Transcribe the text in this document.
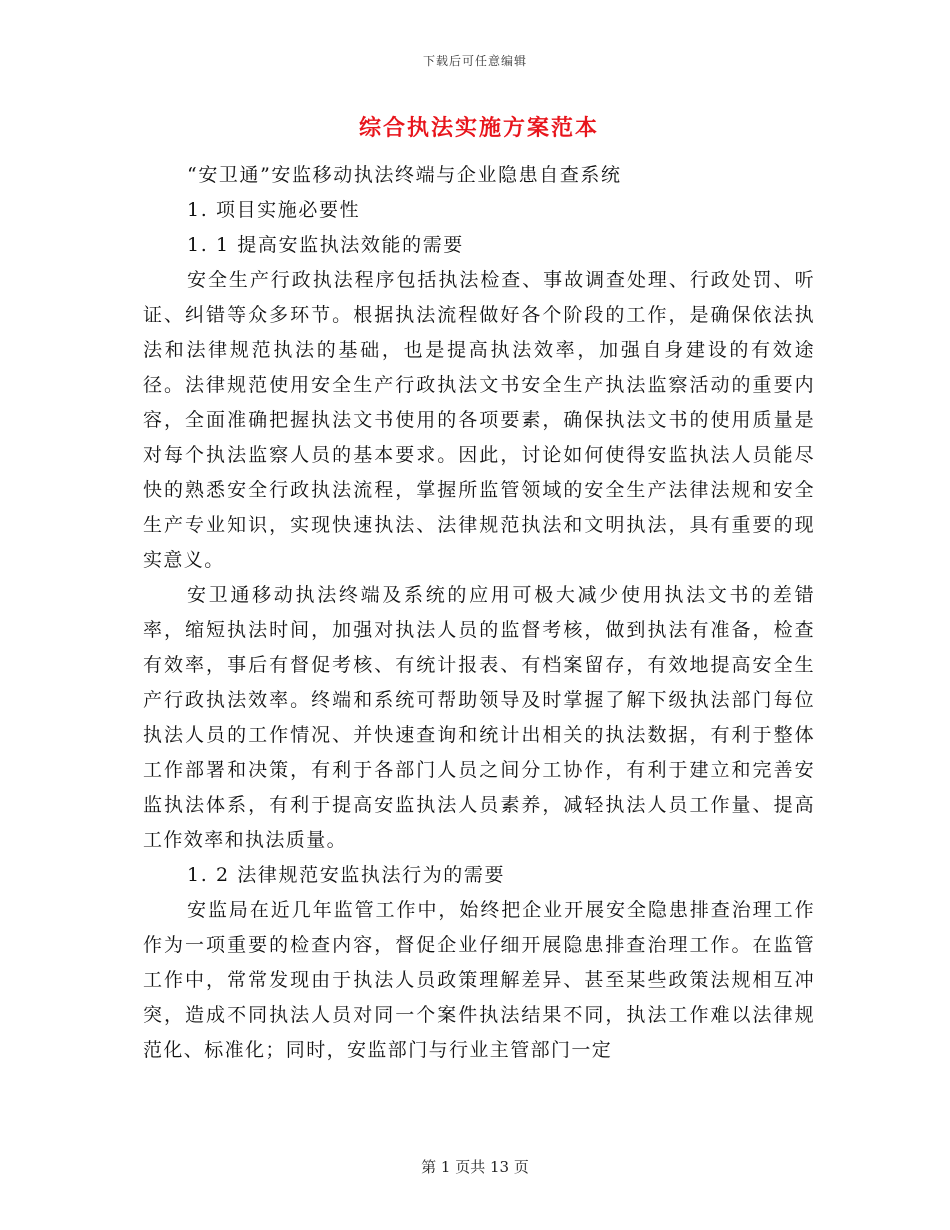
下载后可任意编辑
综合执法实施方案范本

“安卫通”安监移动执法终端与企业隐患自查系统

1. 项目实施必要性

1. 1 提高安监执法效能的需要

安全生产行政执法程序包括执法检查、事故调查处理、行政处罚、听证、纠错等众多环节。根据执法流程做好各个阶段的工作，是确保依法执法和法律规范执法的基础，也是提高执法效率，加强自身建设的有效途径。法律规范使用安全生产行政执法文书安全生产执法监察活动的重要内容，全面准确把握执法文书使用的各项要素，确保执法文书的使用质量是对每个执法监察人员的基本要求。因此，讨论如何使得安监执法人员能尽快的熟悉安全行政执法流程，掌握所监管领域的安全生产法律法规和安全生产专业知识，实现快速执法、法律规范执法和文明执法，具有重要的现实意义。

安卫通移动执法终端及系统的应用可极大减少使用执法文书的差错率，缩短执法时间，加强对执法人员的监督考核，做到执法有准备，检查有效率，事后有督促考核、有统计报表、有档案留存，有效地提高安全生产行政执法效率。终端和系统可帮助领导及时掌握了解下级执法部门每位执法人员的工作情况、并快速查询和统计出相关的执法数据，有利于整体工作部署和决策，有利于各部门人员之间分工协作，有利于建立和完善安监执法体系，有利于提高安监执法人员素养，减轻执法人员工作量、提高工作效率和执法质量。

1. 2 法律规范安监执法行为的需要

安监局在近几年监管工作中，始终把企业开展安全隐患排查治理工作作为一项重要的检查内容，督促企业仔细开展隐患排查治理工作。在监管工作中，常常发现由于执法人员政策理解差异、甚至某些政策法规相互冲突，造成不同执法人员对同一个案件执法结果不同，执法工作难以法律规范化、标准化；同时，安监部门与行业主管部门一定

第 1 页共 13 页
